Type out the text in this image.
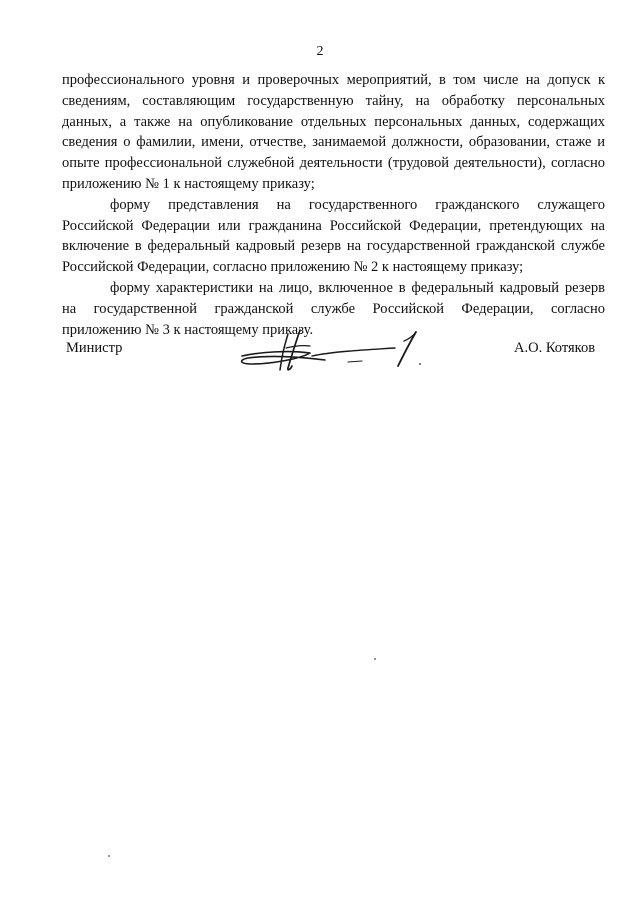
2

профессионального уровня и проверочных мероприятий, в том числе на допуск к сведениям, составляющим государственную тайну, на обработку персональных данных, а также на опубликование отдельных персональных данных, содержащих сведения о фамилии, имени, отчестве, занимаемой должности, образовании, стаже и опыте профессиональной служебной деятельности (трудовой деятельности), согласно приложению № 1 к настоящему приказу;

форму представления на государственного гражданского служащего Российской Федерации или гражданина Российской Федерации, претендующих на включение в федеральный кадровый резерв на государственной гражданской службе Российской Федерации, согласно приложению № 2 к настоящему приказу;

форму характеристики на лицо, включенное в федеральный кадровый резерв на государственной гражданской службе Российской Федерации, согласно приложению № 3 к настоящему приказу.

Министр	А.О. Котяков
